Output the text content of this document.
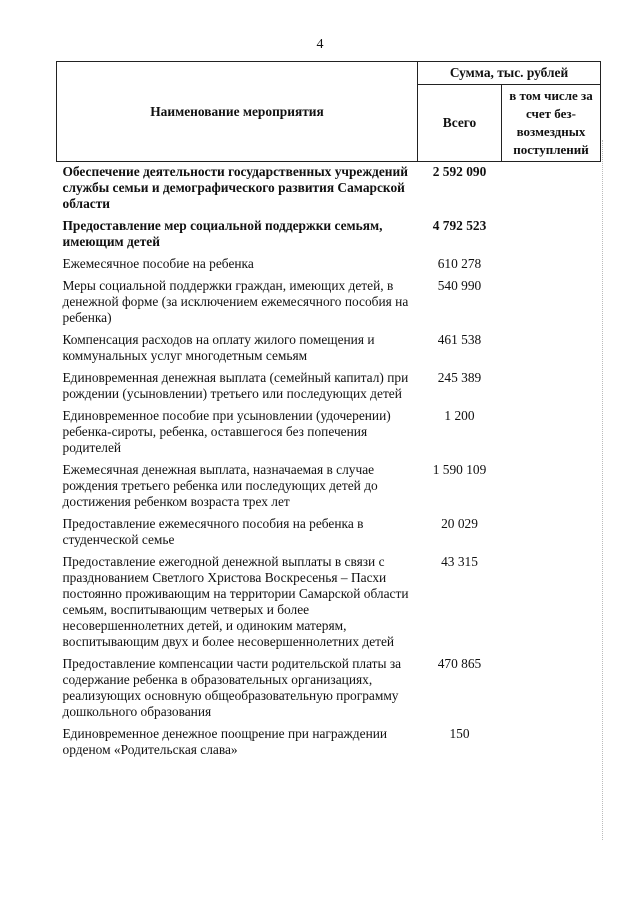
4
Наименование мероприятия	Сумма, тыс. рублей	
	Всего	в том числе за счет без-возмездных поступлений
Обеспечение деятельности государственных учреждений службы семьи и демографического развития Самарской области	2 592 090	
Предоставление мер социальной поддержки семьям, имеющим детей	4 792 523	
Ежемесячное пособие на ребенка	610 278	
Меры социальной поддержки граждан, имеющих детей, в денежной форме (за исключением ежемесячного пособия на ребенка)	540 990	
Компенсация расходов на оплату жилого помещения и коммунальных услуг многодетным семьям	461 538	
Единовременная денежная выплата (семейный капитал) при рождении (усыновлении) третьего или последующих детей	245 389	
Единовременное пособие при усыновлении (удочерении) ребенка-сироты, ребенка, оставшегося без попечения родителей	1 200	
Ежемесячная денежная выплата, назначаемая в случае рождения третьего ребенка или последующих детей до достижения ребенком возраста трех лет	1 590 109	
Предоставление ежемесячного пособия на ребенка в студенческой семье	20 029	
Предоставление ежегодной денежной выплаты в связи с празднованием Светлого Христова Воскресенья – Пасхи постоянно проживающим на территории Самарской области семьям, воспитывающим четверых и более несовершеннолетних детей, и одиноким матерям, воспитывающим двух и более несовершеннолетних детей	43 315	
Предоставление компенсации части родительской платы за содержание ребенка в образовательных организациях, реализующих основную общеобразовательную программу дошкольного образования	470 865	
Единовременное денежное поощрение при награждении орденом «Родительская слава»	150	
